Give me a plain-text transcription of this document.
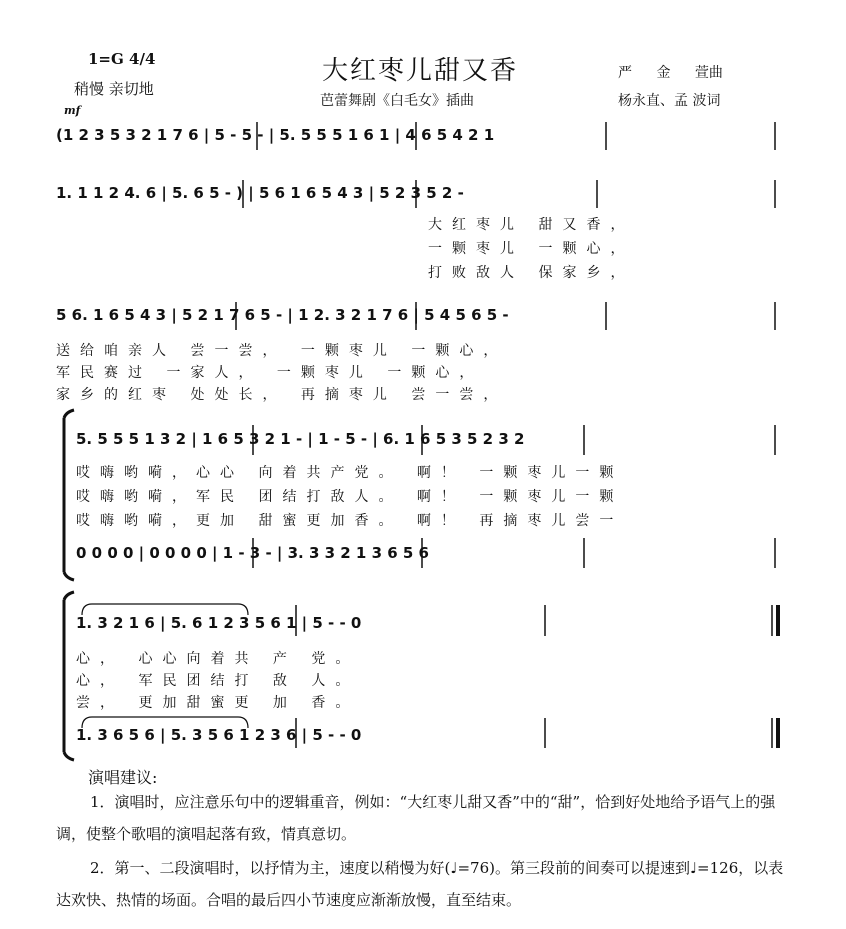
1=G 4/4
稍慢 亲切地
mf
大红枣儿甜又香
芭蕾舞剧《白毛女》插曲
严 金 萱曲
杨永直、孟 波词
(1 2 3 5 3 2 1 7 6 | 5 - 5 - | 5. 5 5 5 1 6 1 | 4 6 5 4 2 1
1. 1 1 2 4. 6 | 5. 6 5 - ) | 5 6 1 6 5 4 3 | 5 2 3 5 2 -
大红枣儿 甜又香，
一颗枣儿 一颗心，
打败敌人 保家乡，
5 6. 1 6 5 4 3 | 5 2 1 7 6 5 - | 1 2. 3 2 1 7 6 | 5 4 5 6 5 -
送给咱亲人 尝一尝， 一颗枣儿 一颗心，
军民赛过 一家人， 一颗枣儿 一颗心，
家乡的红枣 处处长， 再摘枣儿 尝一尝，
5. 5 5 5 1 3 2 | 1 6 5 3 2 1 - | 1 - 5 - | 6. 1 6 5 3 5 2 3 2
哎嗨哟嗬，心心 向着共产党。 啊！ 一颗枣儿一颗
哎嗨哟嗬，军民 团结打敌人。 啊！ 一颗枣儿一颗
哎嗨哟嗬，更加 甜蜜更加香。 啊！ 再摘枣儿尝一
0 0 0 0 | 0 0 0 0 | 1 - 3 - | 3. 3 3 2 1 3 6 5 6
1. 3 2 1 6 | 5. 6 1 2 3 5 6 1 | 5 - - 0
心， 心心向着共 产 党。
心， 军民团结打 敌 人。
尝， 更加甜蜜更 加 香。
1. 3 6 5 6 | 5. 3 5 6 1 2 3 6 | 5 - - 0
演唱建议:
1．演唱时，应注意乐句中的逻辑重音，例如：“大红枣儿甜又香”中的“甜”，恰到好处地给予语气上的强调，使整个歌唱的演唱起落有致，情真意切。
2．第一、二段演唱时，以抒情为主，速度以稍慢为好(♩=76)。第三段前的间奏可以提速到♩=126，以表达欢快、热情的场面。合唱的最后四小节速度应渐渐放慢，直至结束。
